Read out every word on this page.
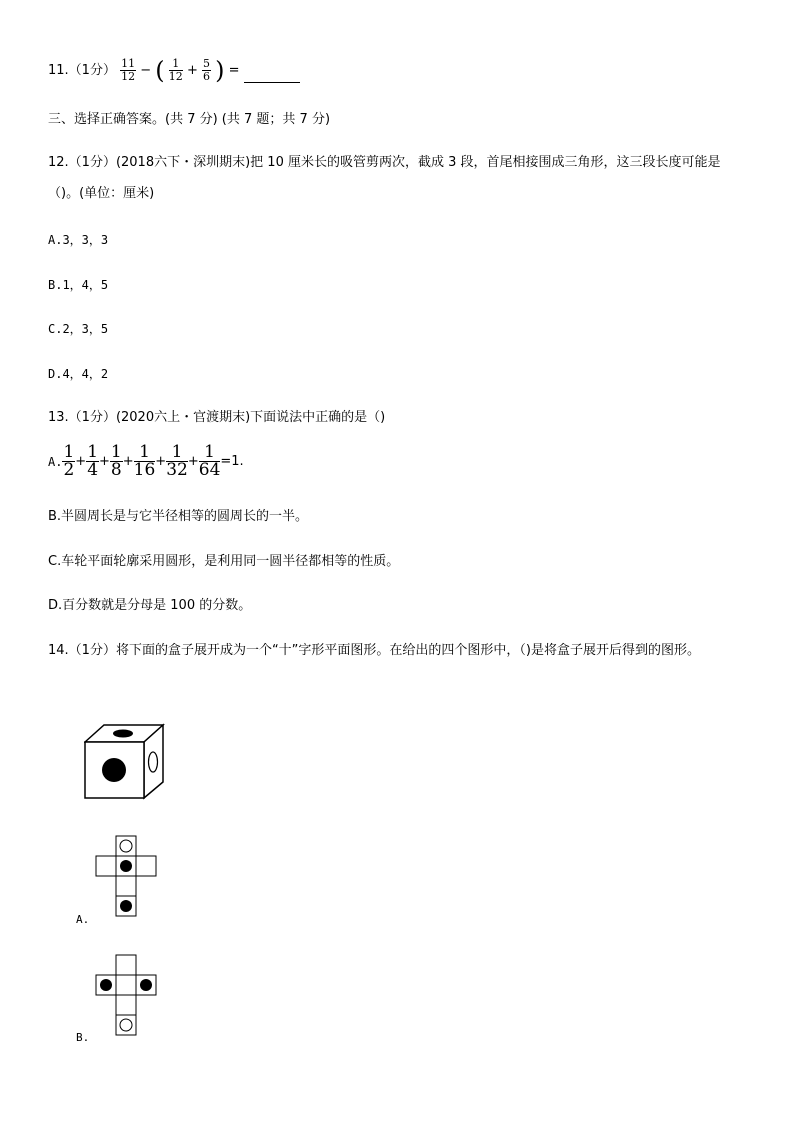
11.（1分） $\frac{11}{12}$ − ( $\frac{1}{12} + \frac{5}{6}$ ) =
三、选择正确答案。(共 7 分) (共 7 题；共 7 分)
12.（1分）(2018六下・深圳期末)把 10 厘米长的吸管剪两次，截成 3 段，首尾相接围成三角形，这三段长度可能是（)。(单位：厘米)
A.3，3，3
B.1，4，5
C.2，3，5
D.4，4，2
13.（1分）(2020六上・官渡期末)下面说法中正确的是（)
A. $\frac{1}{2} + \frac{1}{4} + \frac{1}{8} + \frac{1}{16} + \frac{1}{32} + \frac{1}{64} =1$.
B.半圆周长是与它半径相等的圆周长的一半。
C.车轮平面轮廓采用圆形，是利用同一圆半径都相等的性质。
D.百分数就是分母是 100 的分数。
14.（1分）将下面的盒子展开成为一个“十”字形平面图形。在给出的四个图形中，（)是将盒子展开后得到的图形。
A.
B.
